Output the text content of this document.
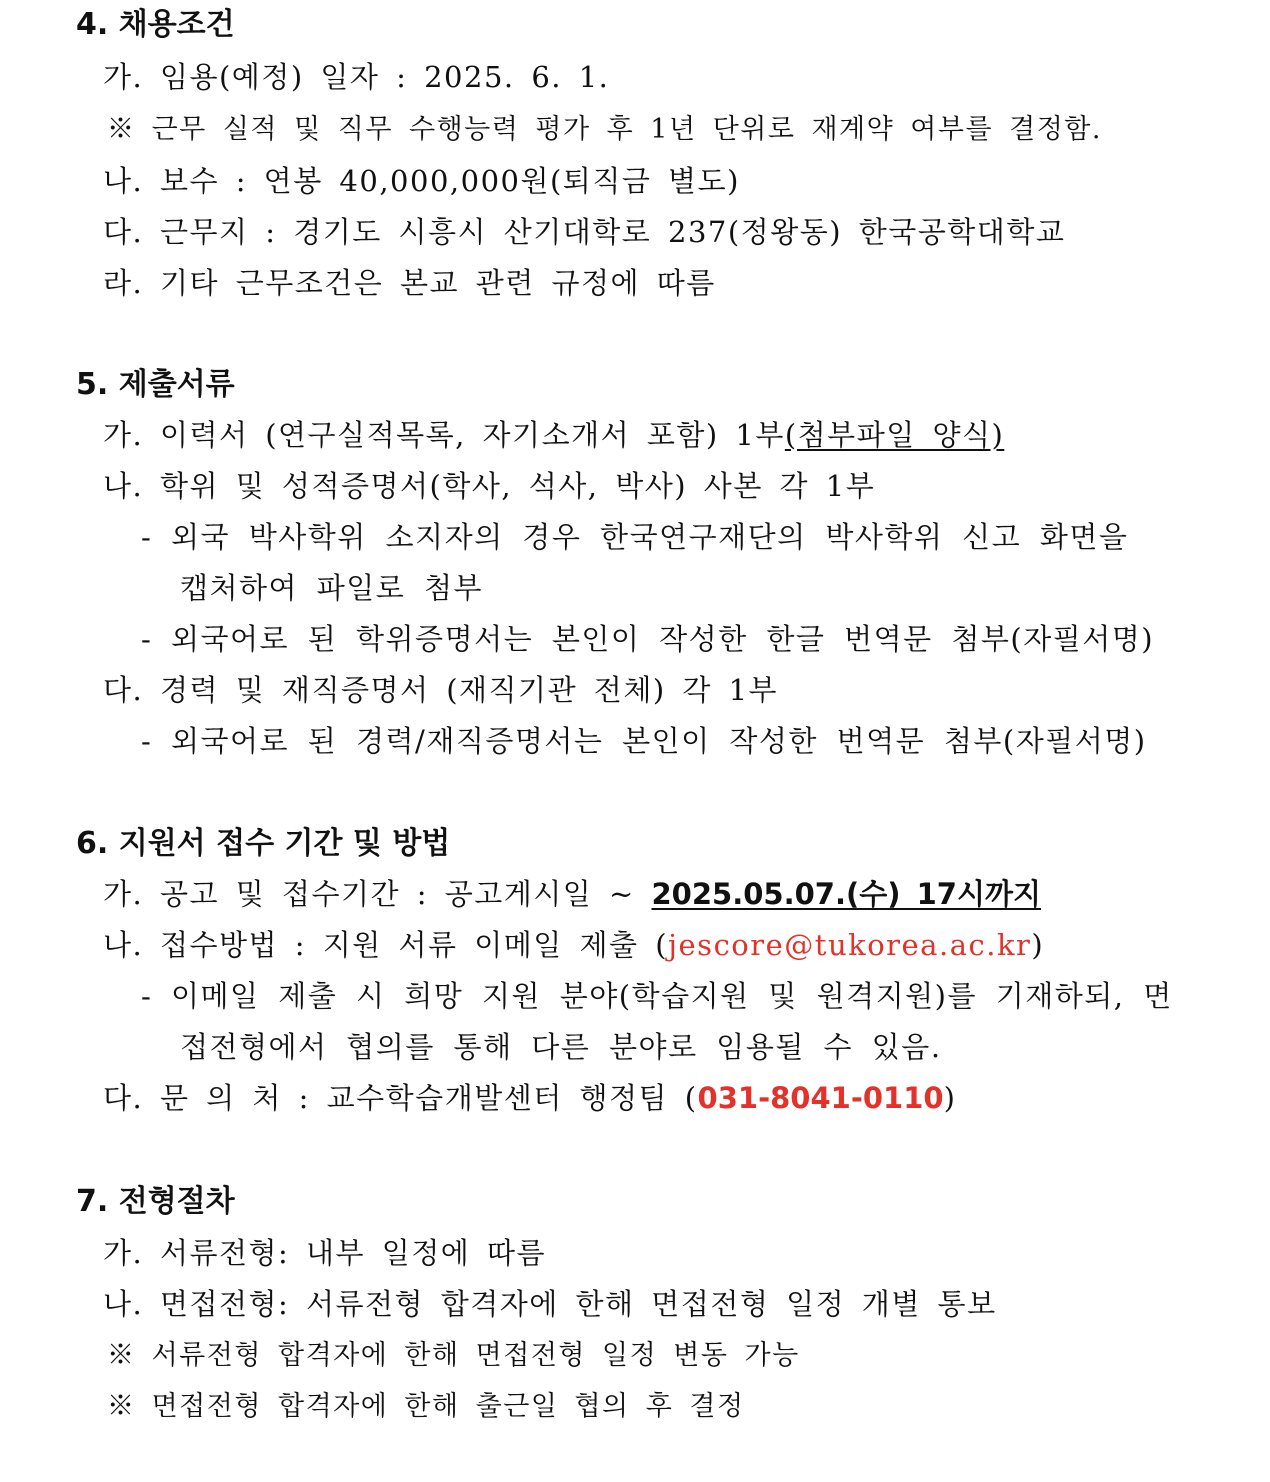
4. 채용조건
가. 임용(예정) 일자 : 2025. 6. 1.
※ 근무 실적 및 직무 수행능력 평가 후 1년 단위로 재계약 여부를 결정함.
나. 보수 : 연봉 40,000,000원(퇴직금 별도)
다. 근무지 : 경기도 시흥시 산기대학로 237(정왕동) 한국공학대학교
라. 기타 근무조건은 본교 관련 규정에 따름
5. 제출서류
가. 이력서 (연구실적목록, 자기소개서 포함) 1부(첨부파일 양식)
나. 학위 및 성적증명서(학사, 석사, 박사) 사본 각 1부
- 외국 박사학위 소지자의 경우 한국연구재단의 박사학위 신고 화면을
캡처하여 파일로 첨부
- 외국어로 된 학위증명서는 본인이 작성한 한글 번역문 첨부(자필서명)
다. 경력 및 재직증명서 (재직기관 전체) 각 1부
- 외국어로 된 경력/재직증명서는 본인이 작성한 번역문 첨부(자필서명)
6. 지원서 접수 기간 및 방법
가. 공고 및 접수기간 : 공고게시일 ~ 2025.05.07.(수) 17시까지
나. 접수방법 : 지원 서류 이메일 제출 (jescore@tukorea.ac.kr)
- 이메일 제출 시 희망 지원 분야(학습지원 및 원격지원)를 기재하되, 면
접전형에서 협의를 통해 다른 분야로 임용될 수 있음.
다. 문 의 처 : 교수학습개발센터 행정팀 (031-8041-0110)
7. 전형절차
가. 서류전형: 내부 일정에 따름
나. 면접전형: 서류전형 합격자에 한해 면접전형 일정 개별 통보
※ 서류전형 합격자에 한해 면접전형 일정 변동 가능
※ 면접전형 합격자에 한해 출근일 협의 후 결정
